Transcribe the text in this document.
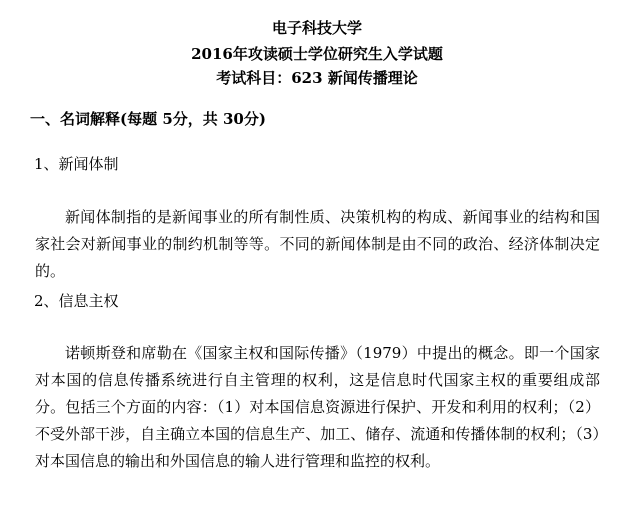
电子科技大学
2016年攻读硕士学位研究生入学试题
考试科目：623 新闻传播理论
一、名词解释(每题 5分，共 30分)
1、新闻体制

新闻体制指的是新闻事业的所有制性质、决策机构的构成、新闻事业的结构和国家社会对新闻事业的制约机制等等。不同的新闻体制是由不同的政治、经济体制决定的。

2、信息主权

诺顿斯登和席勒在《国家主权和国际传播》（1979）中提出的概念。即一个国家对本国的信息传播系统进行自主管理的权利，这是信息时代国家主权的重要组成部分。包括三个方面的内容：（1）对本国信息资源进行保护、开发和利用的权利；（2）不受外部干涉，自主确立本国的信息生产、加工、储存、流通和传播体制的权利；（3）对本国信息的输出和外国信息的输人进行管理和监控的权利。
